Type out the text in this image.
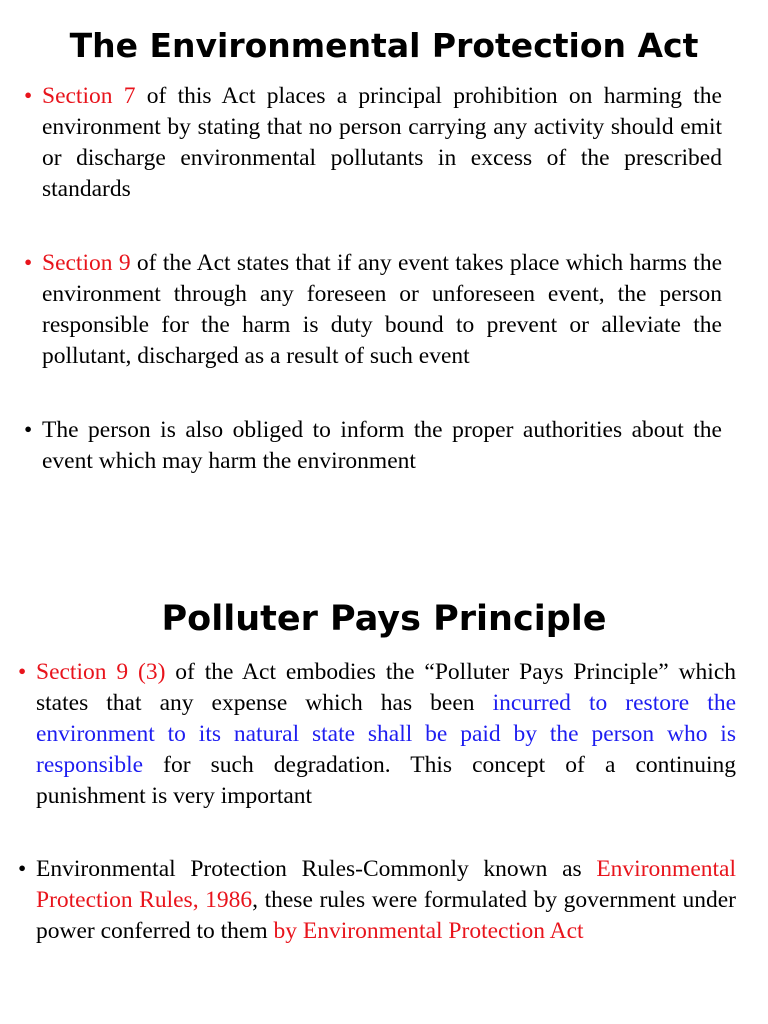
The Environmental Protection Act
• Section 7 of this Act places a principal prohibition on harming the environment by stating that no person carrying any activity should emit or discharge environmental pollutants in excess of the prescribed standards
• Section 9 of the Act states that if any event takes place which harms the environment through any foreseen or unforeseen event, the person responsible for the harm is duty bound to prevent or alleviate the pollutant, discharged as a result of such event
• The person is also obliged to inform the proper authorities about the event which may harm the environment
Polluter Pays Principle
• Section 9 (3) of the Act embodies the “Polluter Pays Principle” which states that any expense which has been incurred to restore the environment to its natural state shall be paid by the person who is responsible for such degradation. This concept of a continuing punishment is very important
• Environmental Protection Rules-Commonly known as Environmental Protection Rules, 1986, these rules were formulated by government under power conferred to them by Environmental Protection Act
